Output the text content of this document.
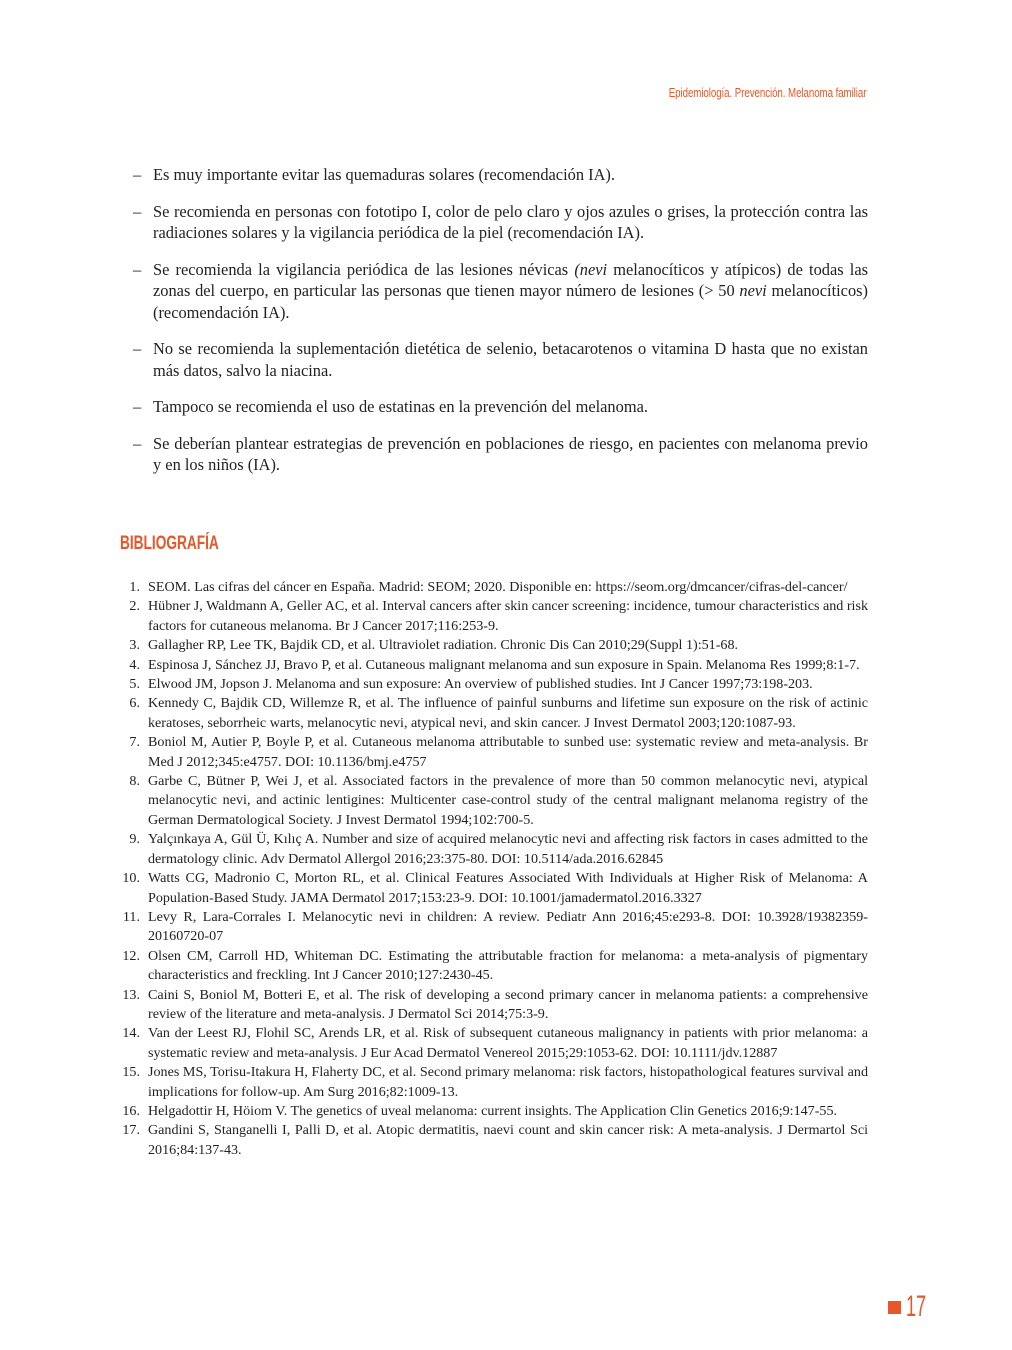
Epidemiología. Prevención. Melanoma familiar
– Es muy importante evitar las quemaduras solares (recomendación IA).
– Se recomienda en personas con fototipo I, color de pelo claro y ojos azules o grises, la protección contra las radiaciones solares y la vigilancia periódica de la piel (recomendación IA).
– Se recomienda la vigilancia periódica de las lesiones névicas (nevi melanocíticos y atípicos) de todas las zonas del cuerpo, en particular las personas que tienen mayor número de lesiones (> 50 nevi melanocíticos) (recomendación IA).
– No se recomienda la suplementación dietética de selenio, betacarotenos o vitamina D hasta que no existan más datos, salvo la niacina.
– Tampoco se recomienda el uso de estatinas en la prevención del melanoma.
– Se deberían plantear estrategias de prevención en poblaciones de riesgo, en pacientes con melanoma previo y en los niños (IA).
BIBLIOGRAFÍA
1. SEOM. Las cifras del cáncer en España. Madrid: SEOM; 2020. Disponible en: https://seom.org/dmcancer/cifras-del-cancer/
2. Hübner J, Waldmann A, Geller AC, et al. Interval cancers after skin cancer screening: incidence, tumour characteristics and risk factors for cutaneous melanoma. Br J Cancer 2017;116:253-9.
3. Gallagher RP, Lee TK, Bajdik CD, et al. Ultraviolet radiation. Chronic Dis Can 2010;29(Suppl 1):51-68.
4. Espinosa J, Sánchez JJ, Bravo P, et al. Cutaneous malignant melanoma and sun exposure in Spain. Melanoma Res 1999;8:1-7.
5. Elwood JM, Jopson J. Melanoma and sun exposure: An overview of published studies. Int J Cancer 1997;73:198-203.
6. Kennedy C, Bajdik CD, Willemze R, et al. The influence of painful sunburns and lifetime sun exposure on the risk of actinic keratoses, seborrheic warts, melanocytic nevi, atypical nevi, and skin cancer. J Invest Dermatol 2003;120:1087-93.
7. Boniol M, Autier P, Boyle P, et al. Cutaneous melanoma attributable to sunbed use: systematic review and meta-analysis. Br Med J 2012;345:e4757. DOI: 10.1136/bmj.e4757
8. Garbe C, Bütner P, Wei J, et al. Associated factors in the prevalence of more than 50 common melanocytic nevi, atypical melanocytic nevi, and actinic lentigines: Multicenter case-control study of the central malignant melanoma registry of the German Dermatological Society. J Invest Dermatol 1994;102:700-5.
9. Yalçınkaya A, Gül Ü, Kılıç A. Number and size of acquired melanocytic nevi and affecting risk factors in cases admitted to the dermatology clinic. Adv Dermatol Allergol 2016;23:375-80. DOI: 10.5114/ada.2016.62845
10. Watts CG, Madronio C, Morton RL, et al. Clinical Features Associated With Individuals at Higher Risk of Melanoma: A Population-Based Study. JAMA Dermatol 2017;153:23-9. DOI: 10.1001/jamadermatol.2016.3327
11. Levy R, Lara-Corrales I. Melanocytic nevi in children: A review. Pediatr Ann 2016;45:e293-8. DOI: 10.3928/19382359-20160720-07
12. Olsen CM, Carroll HD, Whiteman DC. Estimating the attributable fraction for melanoma: a meta-analysis of pigmentary characteristics and freckling. Int J Cancer 2010;127:2430-45.
13. Caini S, Boniol M, Botteri E, et al. The risk of developing a second primary cancer in melanoma patients: a comprehensive review of the literature and meta-analysis. J Dermatol Sci 2014;75:3-9.
14. Van der Leest RJ, Flohil SC, Arends LR, et al. Risk of subsequent cutaneous malignancy in patients with prior melanoma: a systematic review and meta-analysis. J Eur Acad Dermatol Venereol 2015;29:1053-62. DOI: 10.1111/jdv.12887
15. Jones MS, Torisu-Itakura H, Flaherty DC, et al. Second primary melanoma: risk factors, histopathological features survival and implications for follow-up. Am Surg 2016;82:1009-13.
16. Helgadottir H, Höiom V. The genetics of uveal melanoma: current insights. The Application Clin Genetics 2016;9:147-55.
17. Gandini S, Stanganelli I, Palli D, et al. Atopic dermatitis, naevi count and skin cancer risk: A meta-analysis. J Dermartol Sci 2016;84:137-43.
17
